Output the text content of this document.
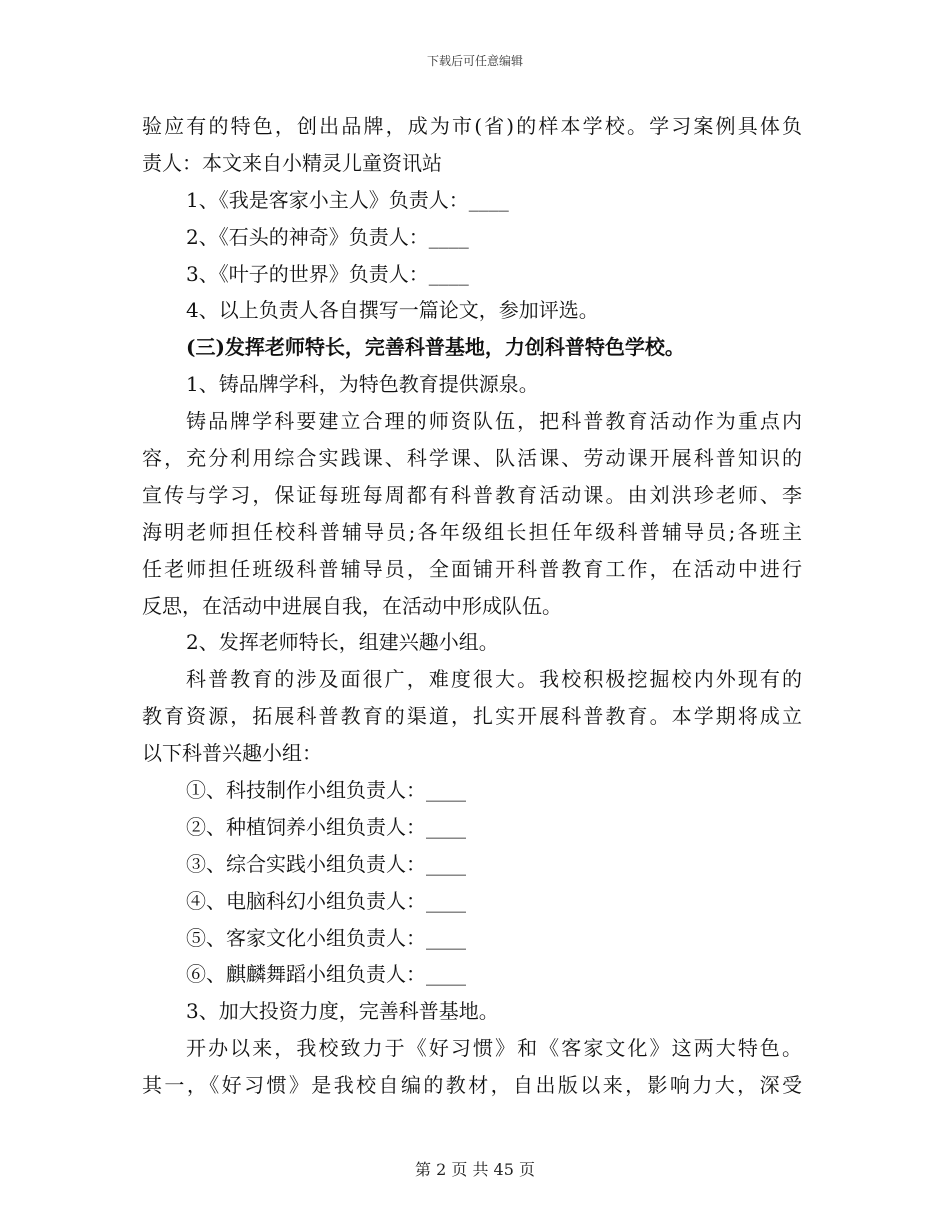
下载后可任意编辑
验应有的特色，创出品牌，成为市(省)的样本学校。学习案例具体负
责人：本文来自小精灵儿童资讯站
1、《我是客家小主人》负责人：____
2、《石头的神奇》负责人：____
3、《叶子的世界》负责人：____
4、以上负责人各自撰写一篇论文，参加评选。
(三)发挥老师特长，完善科普基地，力创科普特色学校。
1、铸品牌学科，为特色教育提供源泉。
铸品牌学科要建立合理的师资队伍，把科普教育活动作为重点内
容，充分利用综合实践课、科学课、队活课、劳动课开展科普知识的
宣传与学习，保证每班每周都有科普教育活动课。由刘洪珍老师、李
海明老师担任校科普辅导员;各年级组长担任年级科普辅导员;各班主
任老师担任班级科普辅导员，全面铺开科普教育工作，在活动中进行
反思，在活动中进展自我，在活动中形成队伍。
2、发挥老师特长，组建兴趣小组。
科普教育的涉及面很广，难度很大。我校积极挖掘校内外现有的
教育资源，拓展科普教育的渠道，扎实开展科普教育。本学期将成立
以下科普兴趣小组：
①、科技制作小组负责人：____
②、种植饲养小组负责人：____
③、综合实践小组负责人：____
④、电脑科幻小组负责人：____
⑤、客家文化小组负责人：____
⑥、麒麟舞蹈小组负责人：____
3、加大投资力度，完善科普基地。
开办以来，我校致力于《好习惯》和《客家文化》这两大特色。
其一，《好习惯》是我校自编的教材，自出版以来，影响力大，深受
第 2 页 共 45 页
